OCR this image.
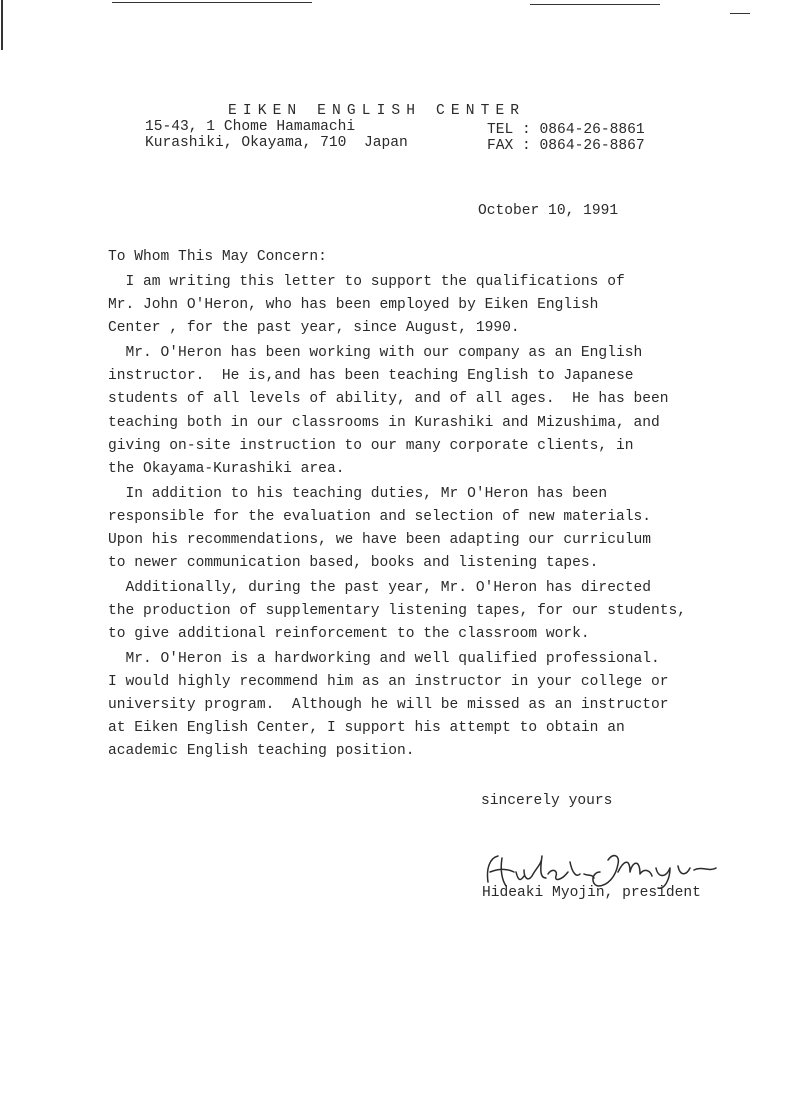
EIKEN ENGLISH CENTER
15-43, 1 Chome Hamamachi
Kurashiki, Okayama, 710  Japan
TEL : 0864-26-8861
FAX : 0864-26-8867
October 10, 1991
To Whom This May Concern:
I am writing this letter to support the qualifications of
Mr. John O'Heron, who has been employed by Eiken English
Center , for the past year, since August, 1990.
Mr. O'Heron has been working with our company as an English
instructor.  He is,and has been teaching English to Japanese
students of all levels of ability, and of all ages.  He has been
teaching both in our classrooms in Kurashiki and Mizushima, and
giving on-site instruction to our many corporate clients, in
the Okayama-Kurashiki area.
In addition to his teaching duties, Mr O'Heron has been
responsible for the evaluation and selection of new materials.
Upon his recommendations, we have been adapting our curriculum
to newer communication based, books and listening tapes.
Additionally, during the past year, Mr. O'Heron has directed
the production of supplementary listening tapes, for our students,
to give additional reinforcement to the classroom work.
Mr. O'Heron is a hardworking and well qualified professional.
I would highly recommend him as an instructor in your college or
university program.  Although he will be missed as an instructor
at Eiken English Center, I support his attempt to obtain an
academic English teaching position.
sincerely yours
Hideaki Myojin, president
